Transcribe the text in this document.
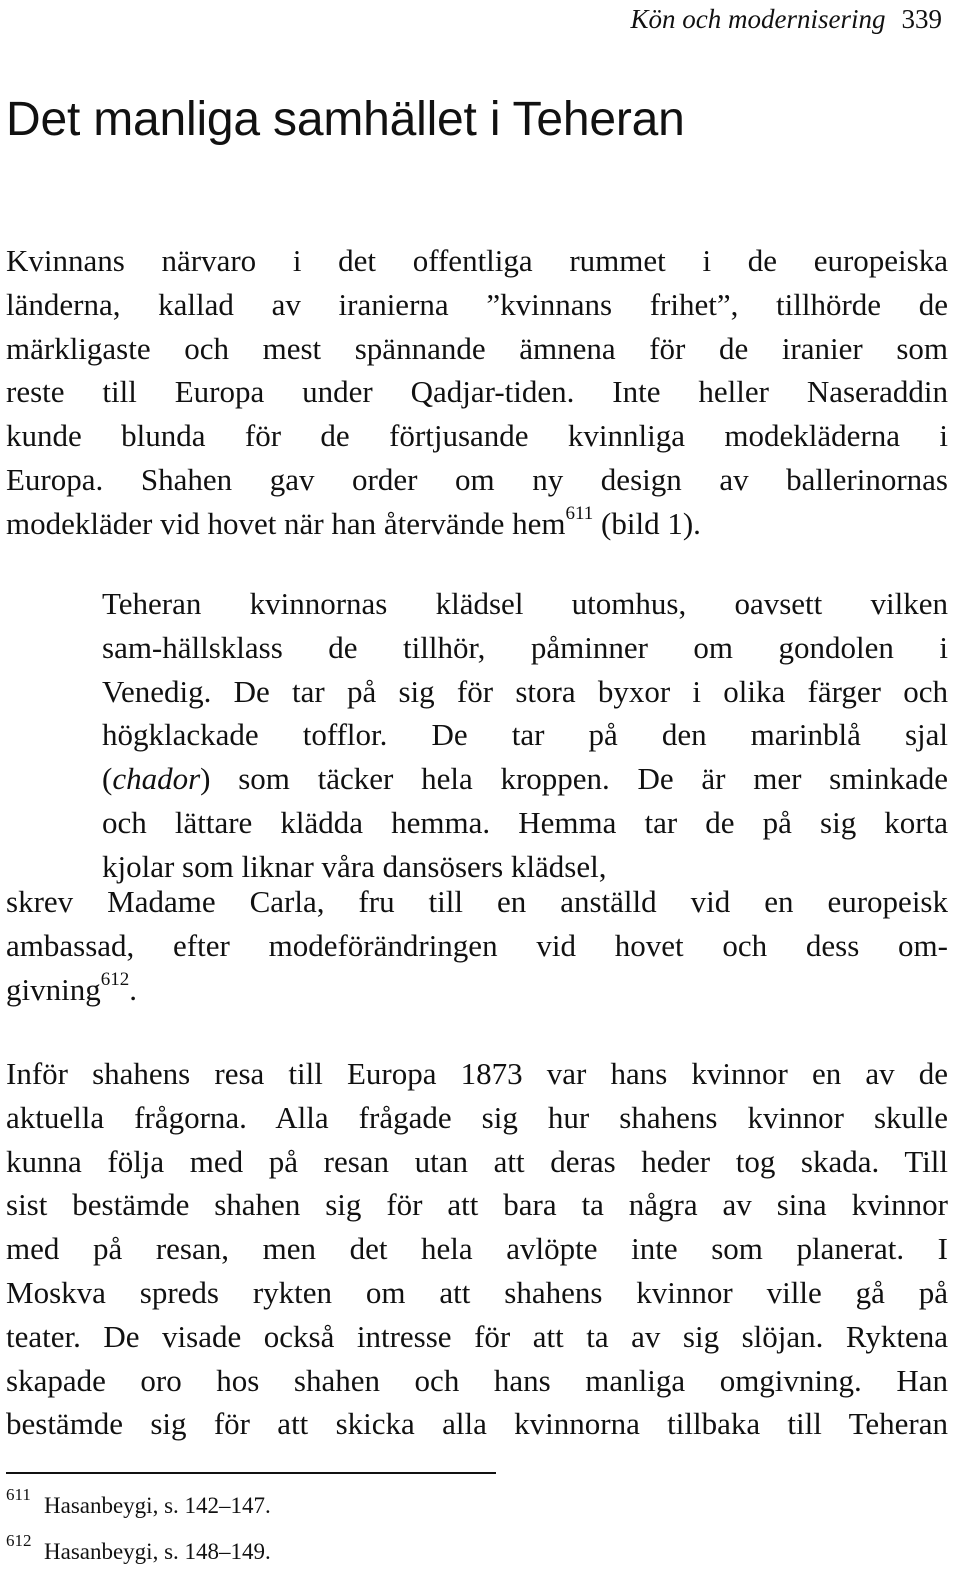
Kön och modernisering 339
Det manliga samhället i Teheran

Kvinnans närvaro i det offentliga rummet i de europeiska
länderna, kallad av iranierna ”kvinnans frihet”, tillhörde de
märkligaste och mest spännande ämnena för de iranier som
reste till Europa under Qadjar-tiden. Inte heller Naseraddin
kunde blunda för de förtjusande kvinnliga modekläderna i
Europa. Shahen gav order om ny design av ballerinornas
modekläder vid hovet när han återvände hem$^{611}$ (bild 1).

Teheran kvinnornas klädsel utomhus, oavsett vilken
sam-hällsklass de tillhör, påminner om gondolen i
Venedig. De tar på sig för stora byxor i olika färger och
högklackade tofflor. De tar på den marinblå sjal
(chador) som täcker hela kroppen. De är mer sminkade
och lättare klädda hemma. Hemma tar de på sig korta
kjolar som liknar våra dansösers klädsel,

skrev Madame Carla, fru till en anställd vid en europeisk
ambassad, efter modeförändringen vid hovet och dess om-
givning$^{612}$.

Inför shahens resa till Europa 1873 var hans kvinnor en av de
aktuella frågorna. Alla frågade sig hur shahens kvinnor skulle
kunna följa med på resan utan att deras heder tog skada. Till
sist bestämde shahen sig för att bara ta några av sina kvinnor
med på resan, men det hela avlöpte inte som planerat. I
Moskva spreds rykten om att shahens kvinnor ville gå på
teater. De visade också intresse för att ta av sig slöjan. Ryktena
skapade oro hos shahen och hans manliga omgivning. Han
bestämde sig för att skicka alla kvinnorna tillbaka till Teheran

611 Hasanbeygi, s. 142–147.
612 Hasanbeygi, s. 148–149.
